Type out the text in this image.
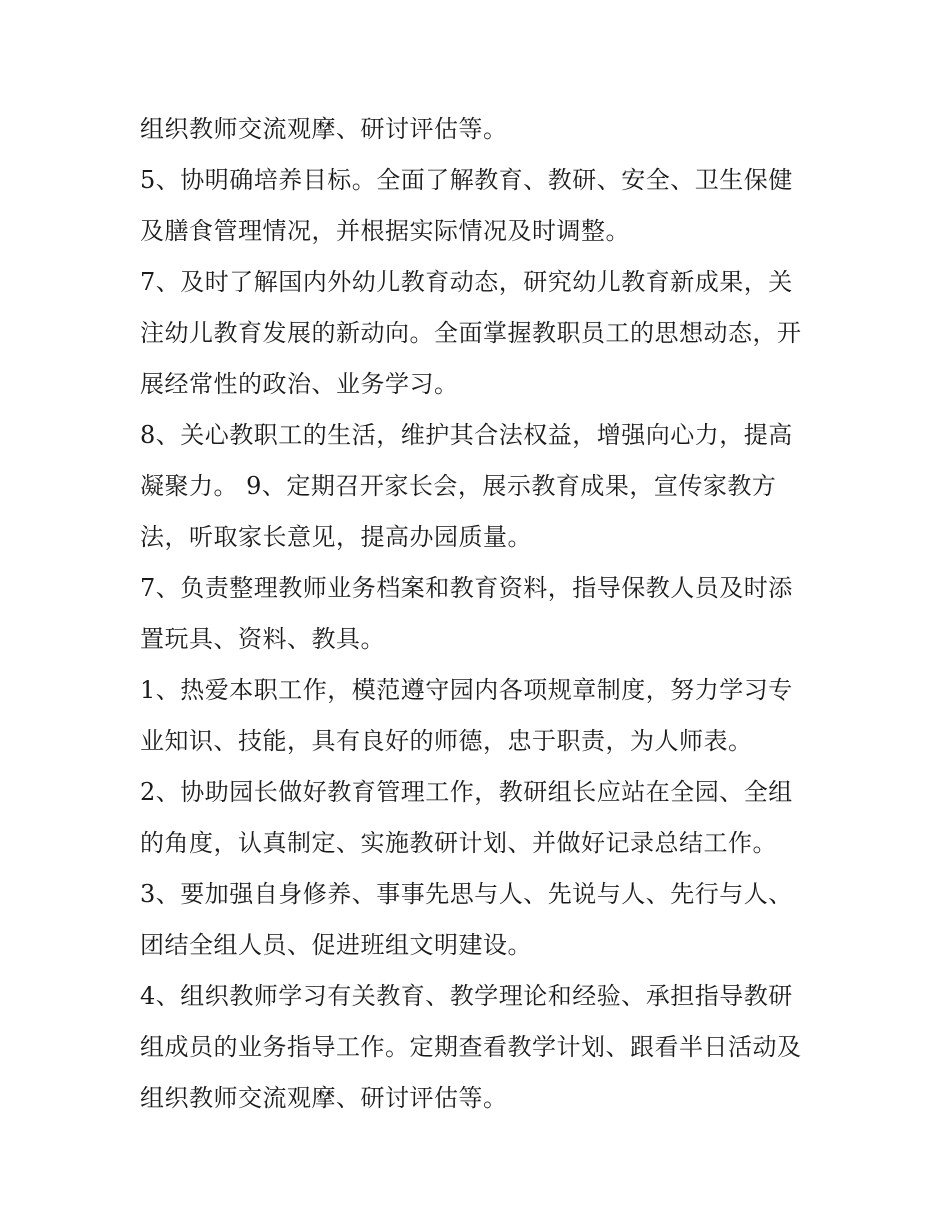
组织教师交流观摩、研讨评估等。
5、协明确培养目标。全面了解教育、教研、安全、卫生保健
及膳食管理情况，并根据实际情况及时调整。
7、及时了解国内外幼儿教育动态，研究幼儿教育新成果，关
注幼儿教育发展的新动向。全面掌握教职员工的思想动态，开
展经常性的政治、业务学习。
8、关心教职工的生活，维护其合法权益，增强向心力，提高
凝聚力。 9、定期召开家长会，展示教育成果，宣传家教方
法，听取家长意见，提高办园质量。
7、负责整理教师业务档案和教育资料，指导保教人员及时添
置玩具、资料、教具。
1、热爱本职工作，模范遵守园内各项规章制度，努力学习专
业知识、技能，具有良好的师德，忠于职责，为人师表。
2、协助园长做好教育管理工作，教研组长应站在全园、全组
的角度，认真制定、实施教研计划、并做好记录总结工作。
3、要加强自身修养、事事先思与人、先说与人、先行与人、
团结全组人员、促进班组文明建设。
4、组织教师学习有关教育、教学理论和经验、承担指导教研
组成员的业务指导工作。定期查看教学计划、跟看半日活动及
组织教师交流观摩、研讨评估等。
